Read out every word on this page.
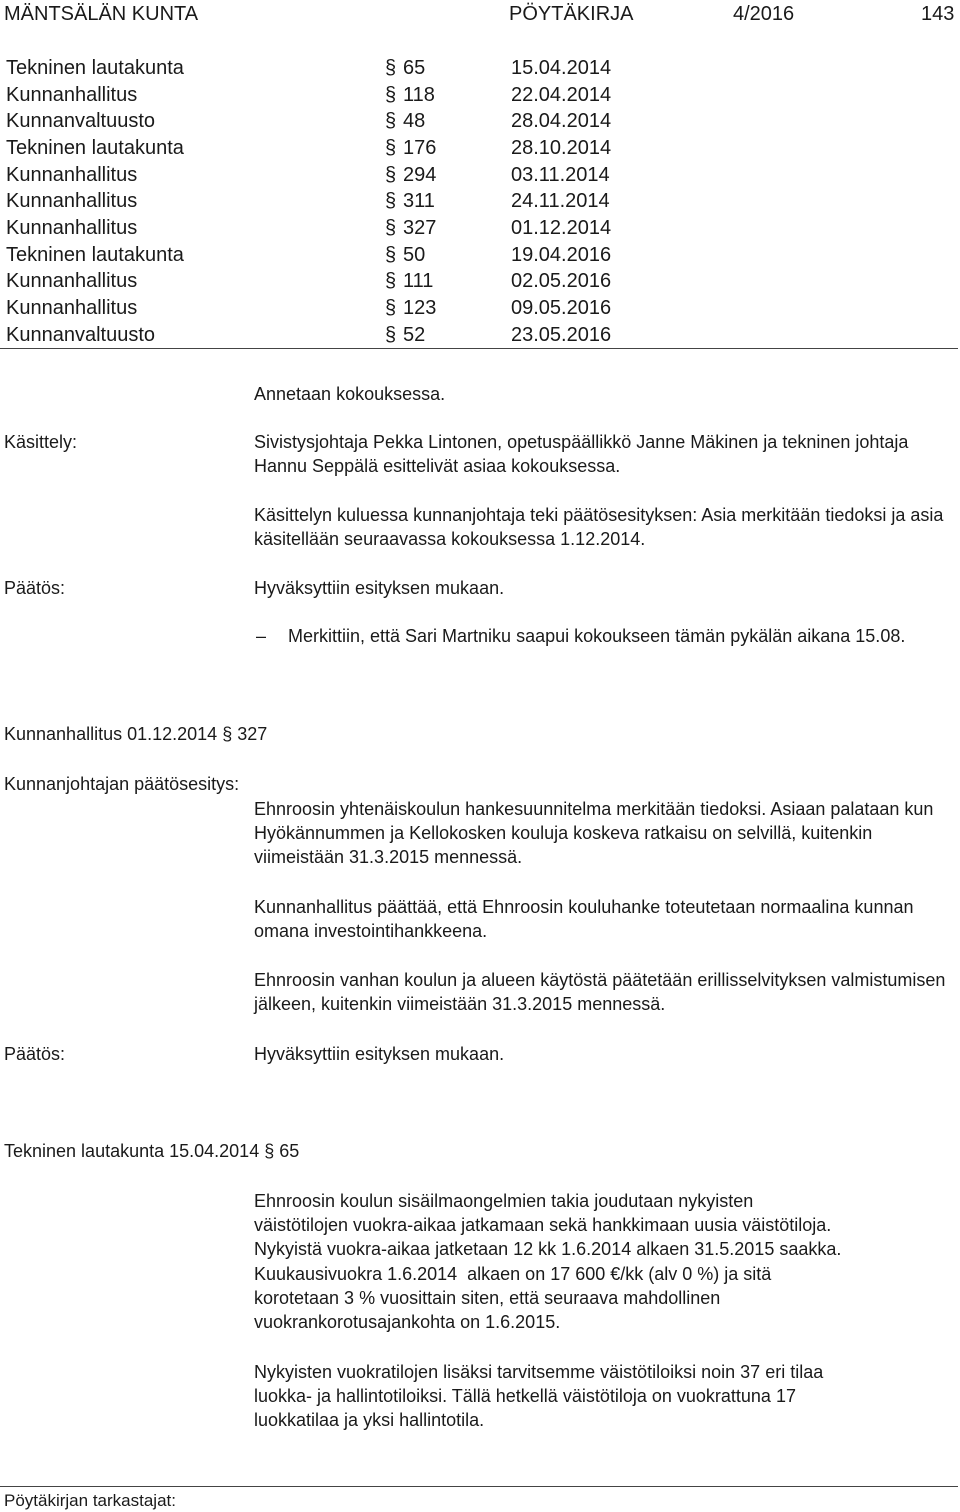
MÄNTSÄLÄN KUNTA	PÖYTÄKIRJA	4/2016	143
Tekninen lautakunta	§ 65	15.04.2014
Kunnanhallitus	§ 118	22.04.2014
Kunnanvaltuusto	§ 48	28.04.2014
Tekninen lautakunta	§ 176	28.10.2014
Kunnanhallitus	§ 294	03.11.2014
Kunnanhallitus	§ 311	24.11.2014
Kunnanhallitus	§ 327	01.12.2014
Tekninen lautakunta	§ 50	19.04.2016
Kunnanhallitus	§ 111	02.05.2016
Kunnanhallitus	§ 123	09.05.2016
Kunnanvaltuusto	§ 52	23.05.2016
Annetaan kokouksessa.
Käsittely:	Sivistysjohtaja Pekka Lintonen, opetuspäällikkö Janne Mäkinen ja tekninen johtaja Hannu Seppälä esittelivät asiaa kokouksessa.
Käsittelyn kuluessa kunnanjohtaja teki päätösesityksen: Asia merkitään tiedoksi ja asia käsitellään seuraavassa kokouksessa 1.12.2014.
Päätös:	Hyväksyttiin esityksen mukaan.
– Merkittiin, että Sari Martniku saapui kokoukseen tämän pykälän aikana 15.08.
Kunnanhallitus 01.12.2014 § 327
Kunnanjohtajan päätösesitys:
Ehnroosin yhtenäiskoulun hankesuunnitelma merkitään tiedoksi. Asiaan palataan kun Hyökännummen ja Kellokosken kouluja koskeva ratkaisu on selvillä, kuitenkin viimeistään 31.3.2015 mennessä.
Kunnanhallitus päättää, että Ehnroosin kouluhanke toteutetaan normaalina kunnan omana investointihankkeena.
Ehnroosin vanhan koulun ja alueen käytöstä päätetään erillisselvityksen valmistumisen jälkeen, kuitenkin viimeistään 31.3.2015 mennessä.
Päätös:	Hyväksyttiin esityksen mukaan.
Tekninen lautakunta 15.04.2014 § 65
Ehnroosin koulun sisäilmaongelmien takia joudutaan nykyisten
väistötilojen vuokra-aikaa jatkamaan sekä hankkimaan uusia väistötiloja.
Nykyistä vuokra-aikaa jatketaan 12 kk 1.6.2014 alkaen 31.5.2015 saakka.
Kuukausivuokra 1.6.2014  alkaen on 17 600 €/kk (alv 0 %) ja sitä
korotetaan 3 % vuosittain siten, että seuraava mahdollinen
vuokrankorotusajankohta on 1.6.2015.
Nykyisten vuokratilojen lisäksi tarvitsemme väistötiloiksi noin 37 eri tilaa
luokka- ja hallintotiloiksi. Tällä hetkellä väistötiloja on vuokrattuna 17
luokkatilaa ja yksi hallintotila.
Pöytäkirjan tarkastajat:
